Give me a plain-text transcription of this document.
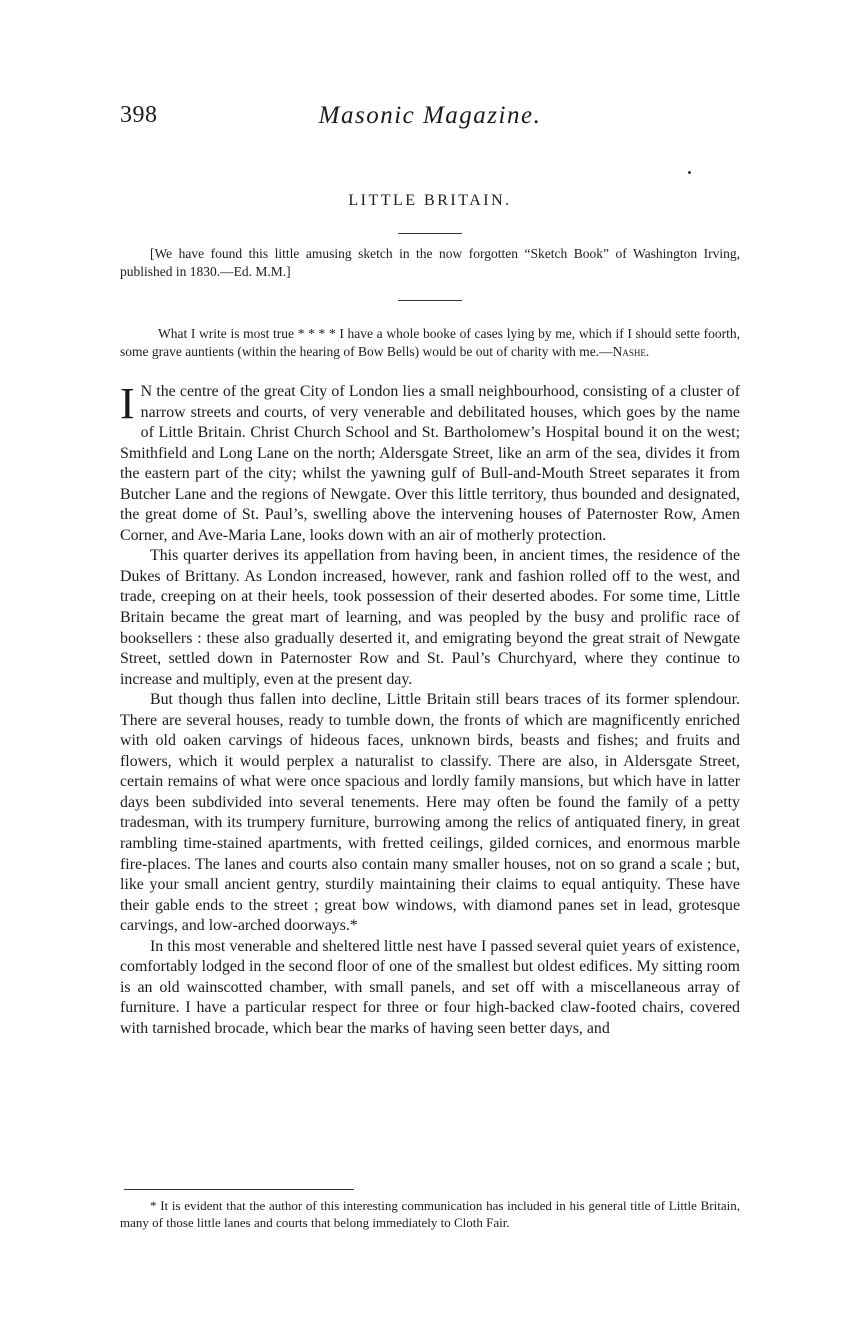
398	Masonic Magazine.
LITTLE BRITAIN.
[We have found this little amusing sketch in the now forgotten “Sketch Book” of Washington Irving, published in 1830.—Ed. M.M.]
What I write is most true * * * * I have a whole booke of cases lying by me, which if I should sette foorth, some grave auntients (within the hearing of Bow Bells) would be out of charity with me.—Nashe.

I N the centre of the great City of London lies a small neighbourhood, consisting of a cluster of narrow streets and courts, of very venerable and debilitated houses, which goes by the name of Little Britain. Christ Church School and St. Bartholomew’s Hospital bound it on the west; Smithfield and Long Lane on the north; Aldersgate Street, like an arm of the sea, divides it from the eastern part of the city; whilst the yawning gulf of Bull-and-Mouth Street separates it from Butcher Lane and the regions of Newgate. Over this little territory, thus bounded and designated, the great dome of St. Paul’s, swelling above the intervening houses of Paternoster Row, Amen Corner, and Ave-Maria Lane, looks down with an air of motherly protection.

This quarter derives its appellation from having been, in ancient times, the residence of the Dukes of Brittany. As London increased, however, rank and fashion rolled off to the west, and trade, creeping on at their heels, took possession of their deserted abodes. For some time, Little Britain became the great mart of learning, and was peopled by the busy and prolific race of booksellers : these also gradually deserted it, and emigrating beyond the great strait of Newgate Street, settled down in Paternoster Row and St. Paul’s Churchyard, where they continue to increase and multiply, even at the present day.

But though thus fallen into decline, Little Britain still bears traces of its former splendour. There are several houses, ready to tumble down, the fronts of which are magnificently enriched with old oaken carvings of hideous faces, unknown birds, beasts and fishes; and fruits and flowers, which it would perplex a naturalist to classify. There are also, in Aldersgate Street, certain remains of what were once spacious and lordly family mansions, but which have in latter days been subdivided into several tenements. Here may often be found the family of a petty tradesman, with its trumpery furniture, burrowing among the relics of antiquated finery, in great rambling time-stained apartments, with fretted ceilings, gilded cornices, and enormous marble fire-places. The lanes and courts also contain many smaller houses, not on so grand a scale ; but, like your small ancient gentry, sturdily maintaining their claims to equal antiquity. These have their gable ends to the street ; great bow windows, with diamond panes set in lead, grotesque carvings, and low-arched doorways.*

In this most venerable and sheltered little nest have I passed several quiet years of existence, comfortably lodged in the second floor of one of the smallest but oldest edifices. My sitting room is an old wainscotted chamber, with small panels, and set off with a miscellaneous array of furniture. I have a particular respect for three or four high-backed claw-footed chairs, covered with tarnished brocade, which bear the marks of having seen better days, and

* It is evident that the author of this interesting communication has included in his general title of Little Britain, many of those little lanes and courts that belong immediately to Cloth Fair.
